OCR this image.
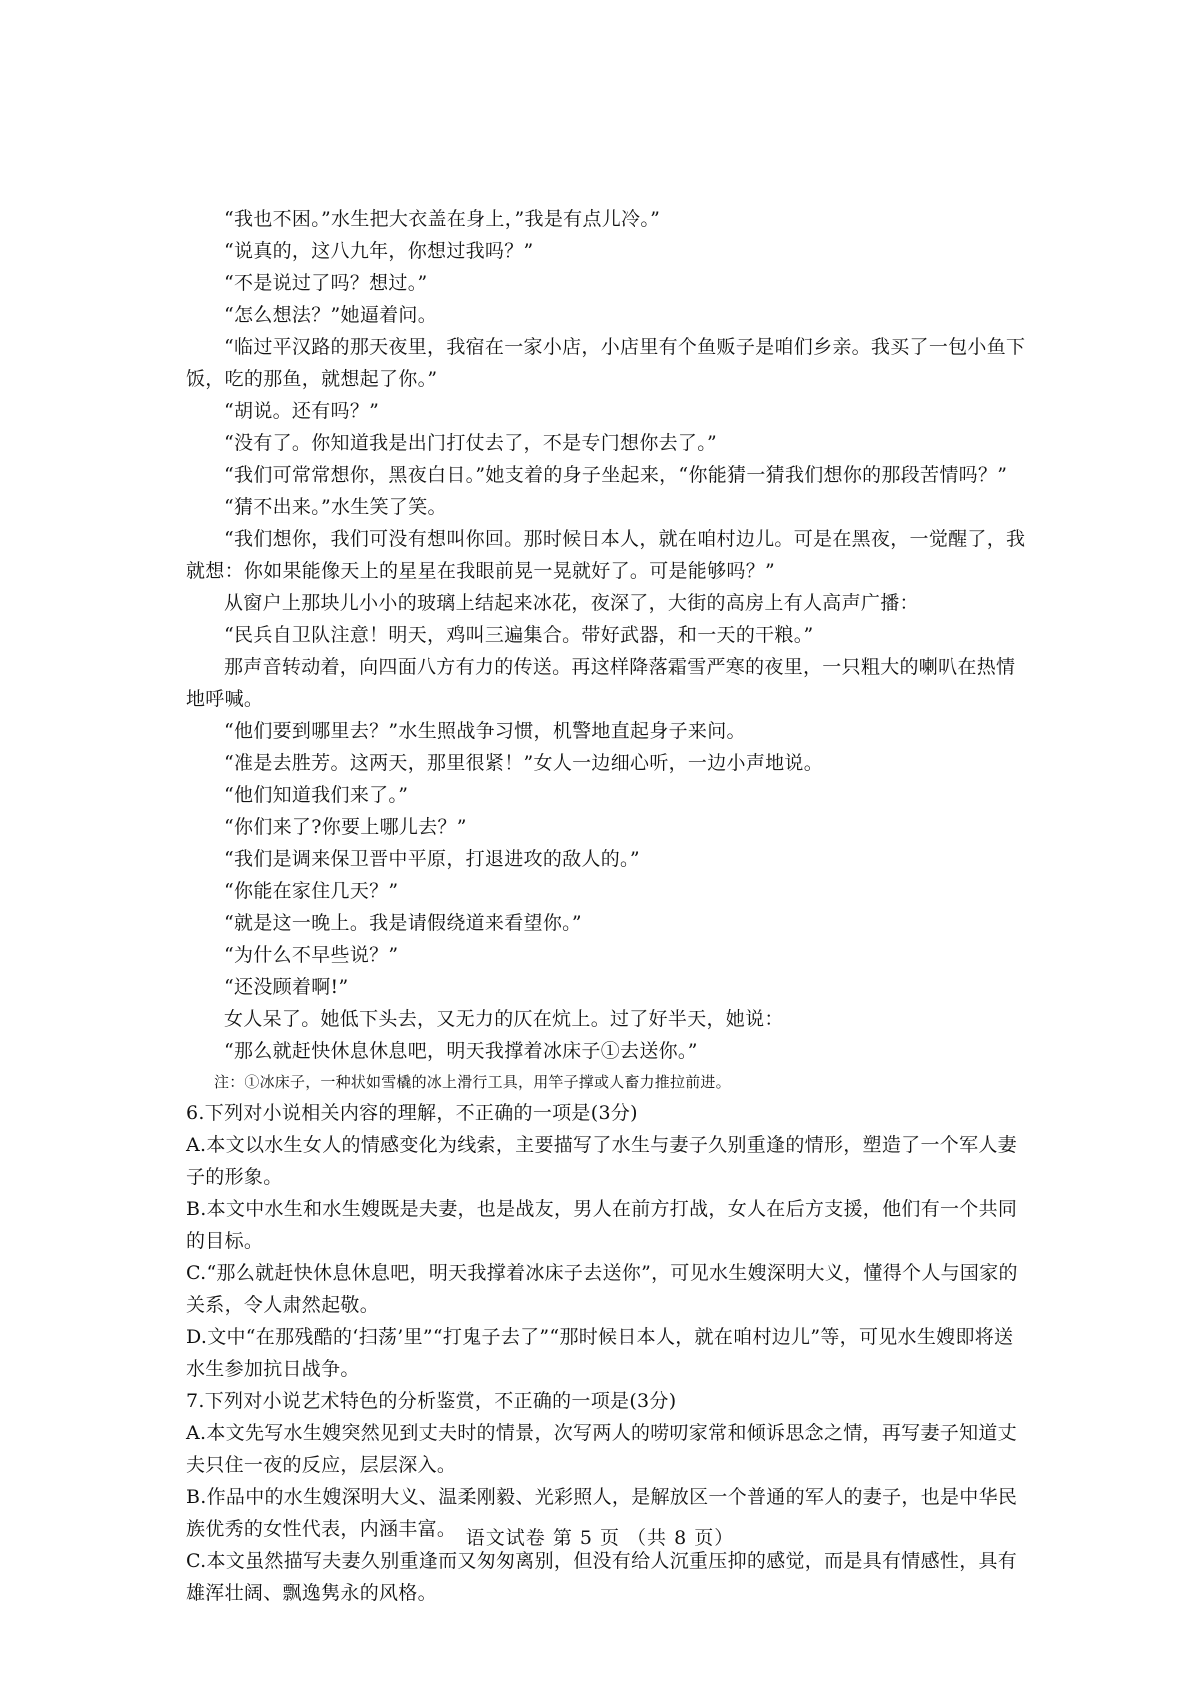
“我也不困。”水生把大衣盖在身上，”我是有点儿冷。”

“说真的，这八九年，你想过我吗？”

“不是说过了吗？想过。”

“怎么想法？”她逼着问。

“临过平汉路的那天夜里，我宿在一家小店，小店里有个鱼贩子是咱们乡亲。我买了一包小鱼下饭，吃的那鱼，就想起了你。”

“胡说。还有吗？”

“没有了。你知道我是出门打仗去了，不是专门想你去了。”

“我们可常常想你，黑夜白日。”她支着的身子坐起来，“你能猜一猜我们想你的那段苦情吗？”

“猜不出来。”水生笑了笑。

“我们想你，我们可没有想叫你回。那时候日本人，就在咱村边儿。可是在黑夜，一觉醒了，我就想：你如果能像天上的星星在我眼前晃一晃就好了。可是能够吗？”

从窗户上那块儿小小的玻璃上结起来冰花，夜深了，大街的高房上有人高声广播：

“民兵自卫队注意！明天，鸡叫三遍集合。带好武器，和一天的干粮。”

那声音转动着，向四面八方有力的传送。再这样降落霜雪严寒的夜里，一只粗大的喇叭在热情地呼喊。

“他们要到哪里去？”水生照战争习惯，机警地直起身子来问。

“准是去胜芳。这两天，那里很紧！”女人一边细心听，一边小声地说。

“他们知道我们来了。”

“你们来了?你要上哪儿去？”

“我们是调来保卫晋中平原，打退进攻的敌人的。”

“你能在家住几天？”

“就是这一晚上。我是请假绕道来看望你。”

“为什么不早些说？”

“还没顾着啊!”

女人呆了。她低下头去，又无力的仄在炕上。过了好半天，她说：

“那么就赶快休息休息吧，明天我撑着冰床子①去送你。”

注：①冰床子，一种状如雪橇的冰上滑行工具，用竿子撑或人畜力推拉前进。

6.下列对小说相关内容的理解，不正确的一项是(3分)

A.本文以水生女人的情感变化为线索，主要描写了水生与妻子久别重逢的情形，塑造了一个军人妻子的形象。

B.本文中水生和水生嫂既是夫妻，也是战友，男人在前方打战，女人在后方支援，他们有一个共同的目标。

C.“那么就赶快休息休息吧，明天我撑着冰床子去送你”，可见水生嫂深明大义，懂得个人与国家的关系，令人肃然起敬。

D.文中“在那残酷的‘扫荡’里”“打鬼子去了”“那时候日本人，就在咱村边儿”等，可见水生嫂即将送水生参加抗日战争。

7.下列对小说艺术特色的分析鉴赏，不正确的一项是(3分)

A.本文先写水生嫂突然见到丈夫时的情景，次写两人的唠叨家常和倾诉思念之情，再写妻子知道丈夫只住一夜的反应，层层深入。

B.作品中的水生嫂深明大义、温柔刚毅、光彩照人，是解放区一个普通的军人的妻子，也是中华民族优秀的女性代表，内涵丰富。

C.本文虽然描写夫妻久别重逢而又匆匆离别，但没有给人沉重压抑的感觉，而是具有情感性，具有雄浑壮阔、飘逸隽永的风格。

语文试卷 第 5 页 （共 8 页）
